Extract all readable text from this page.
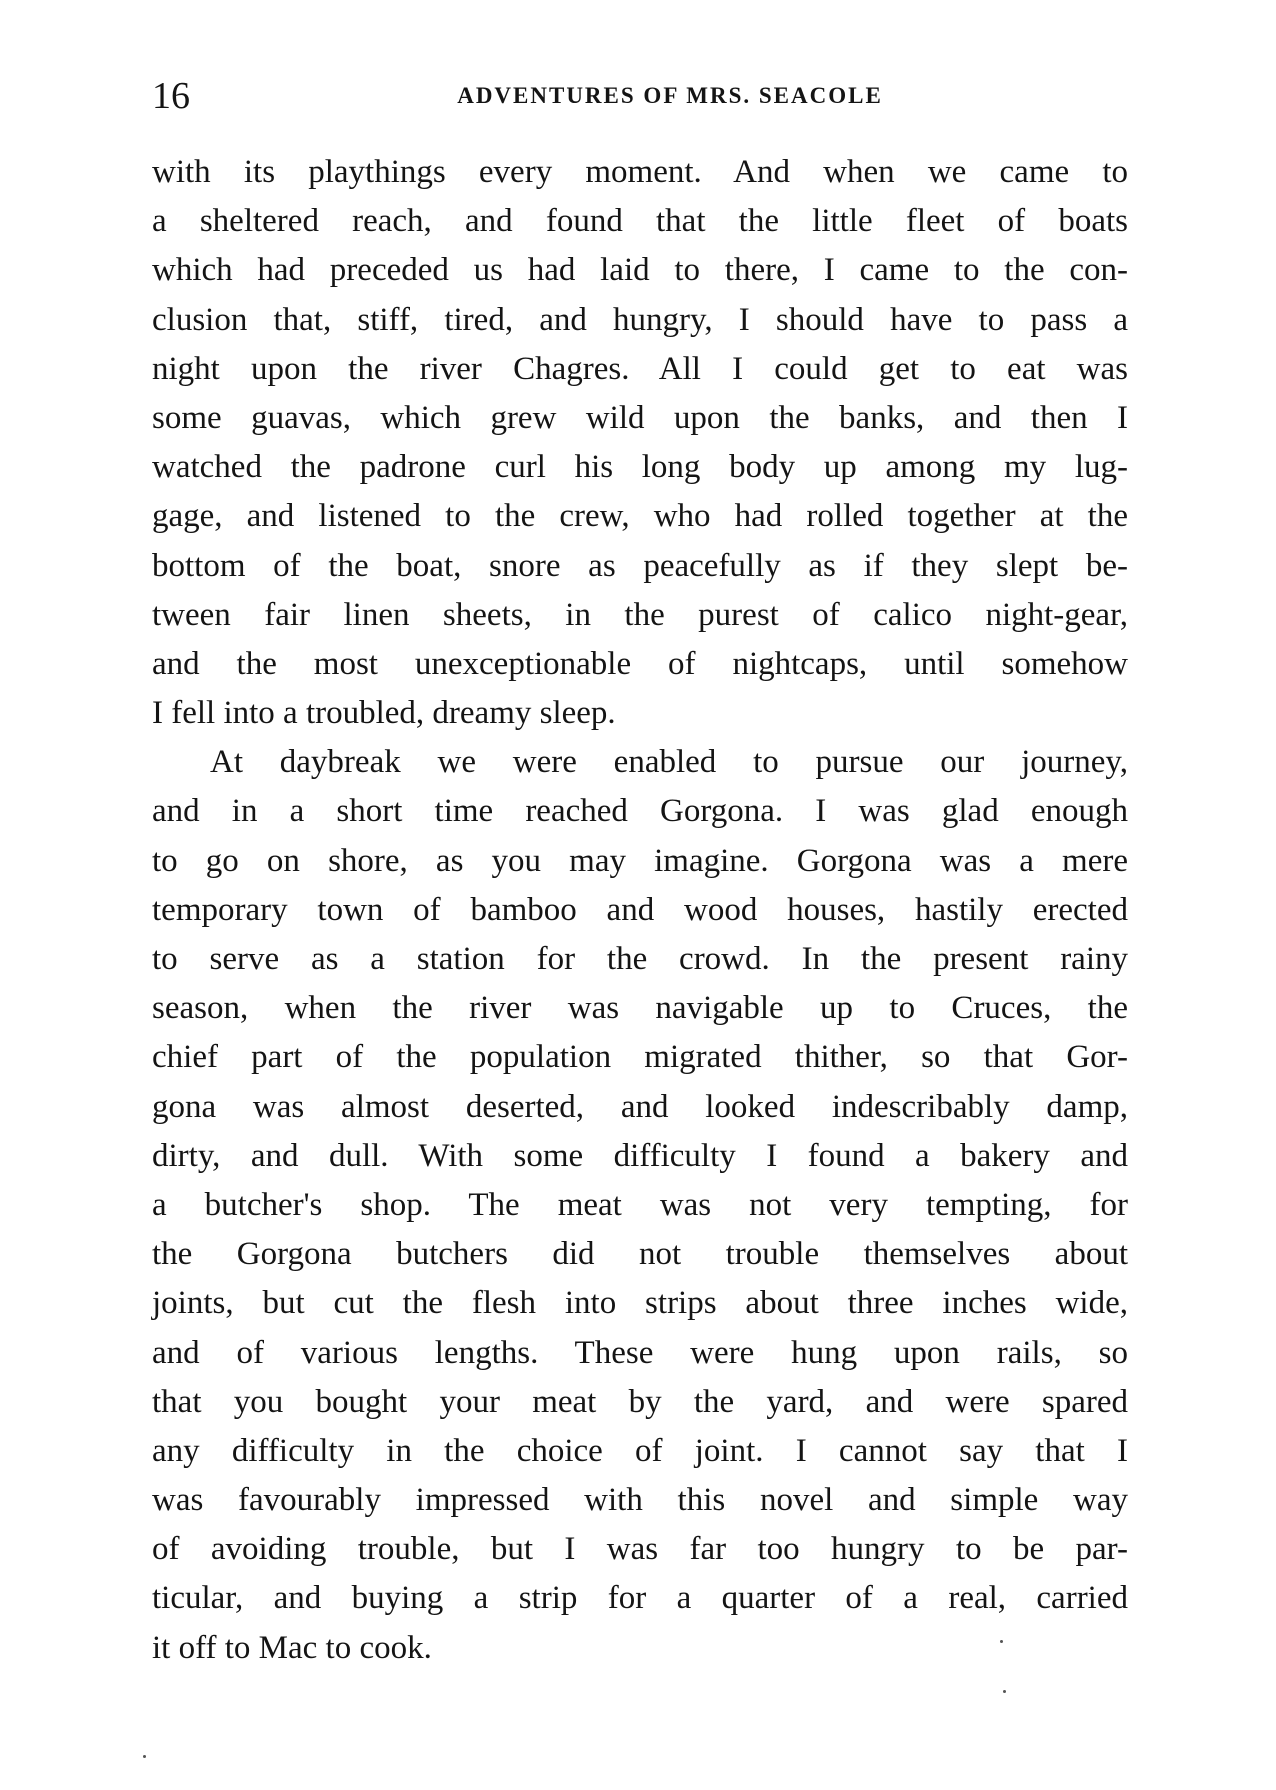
16	ADVENTURES OF MRS. SEACOLE
with its playthings every moment. And when we came to
a sheltered reach, and found that the little fleet of boats
which had preceded us had laid to there, I came to the con-
clusion that, stiff, tired, and hungry, I should have to pass a
night upon the river Chagres. All I could get to eat was
some guavas, which grew wild upon the banks, and then I
watched the padrone curl his long body up among my lug-
gage, and listened to the crew, who had rolled together at the
bottom of the boat, snore as peacefully as if they slept be-
tween fair linen sheets, in the purest of calico night-gear,
and the most unexceptionable of nightcaps, until somehow
I fell into a troubled, dreamy sleep.
At daybreak we were enabled to pursue our journey,
and in a short time reached Gorgona. I was glad enough
to go on shore, as you may imagine. Gorgona was a mere
temporary town of bamboo and wood houses, hastily erected
to serve as a station for the crowd. In the present rainy
season, when the river was navigable up to Cruces, the
chief part of the population migrated thither, so that Gor-
gona was almost deserted, and looked indescribably damp,
dirty, and dull. With some difficulty I found a bakery and
a butcher's shop. The meat was not very tempting, for
the Gorgona butchers did not trouble themselves about
joints, but cut the flesh into strips about three inches wide,
and of various lengths. These were hung upon rails, so
that you bought your meat by the yard, and were spared
any difficulty in the choice of joint. I cannot say that I
was favourably impressed with this novel and simple way
of avoiding trouble, but I was far too hungry to be par-
ticular, and buying a strip for a quarter of a real, carried
it off to Mac to cook.
